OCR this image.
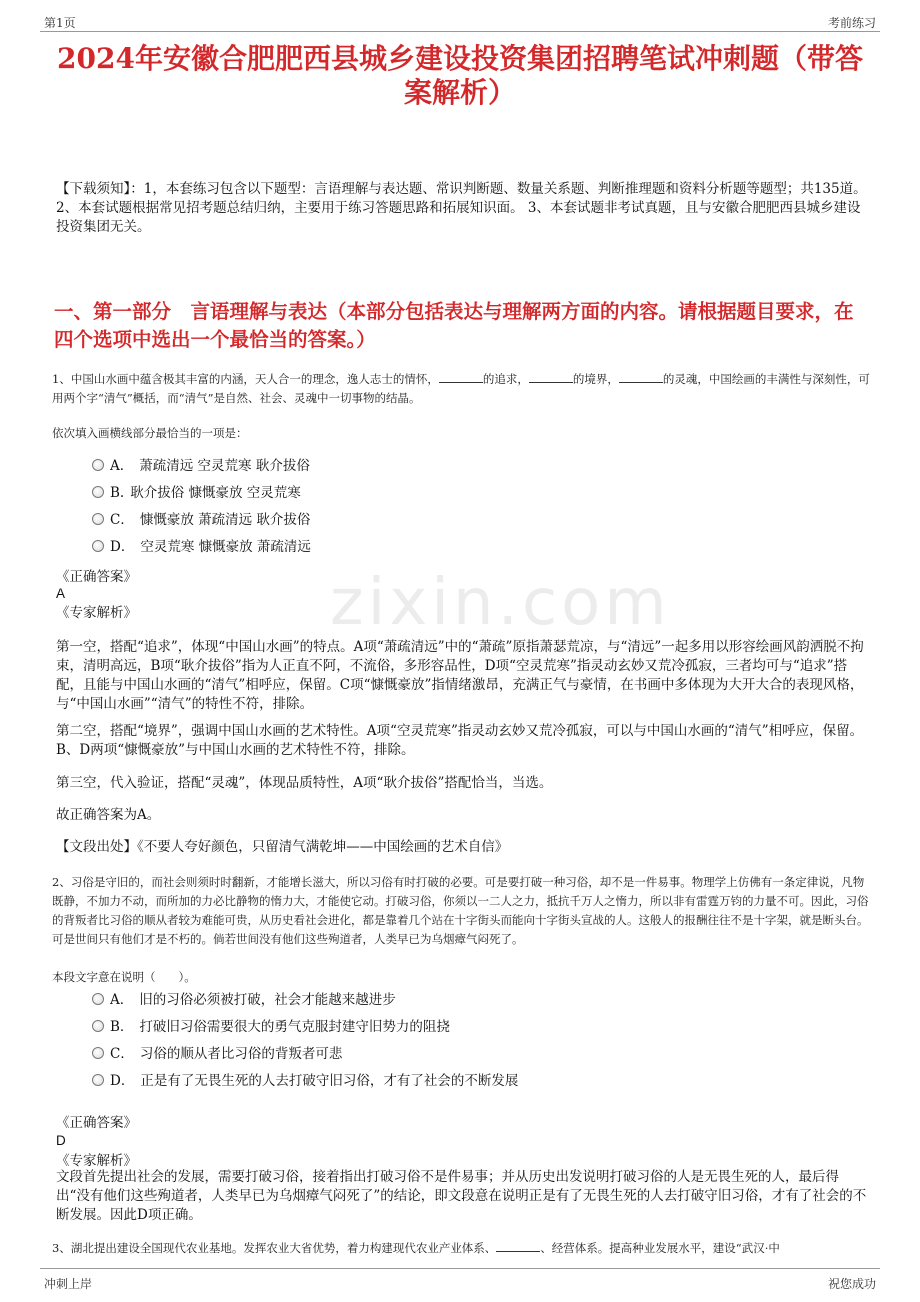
第1页	考前练习
zixin.com
2024年安徽合肥肥西县城乡建设投资集团招聘笔试冲刺题（带答案解析）

【下载须知】：1，本套练习包含以下题型：言语理解与表达题、常识判断题、数量关系题、判断推理题和资料分析题等题型；共135道。 2、本套试题根据常见招考题总结归纳，主要用于练习答题思路和拓展知识面。 3、本套试题非考试真题，且与安徽合肥肥西县城乡建设投资集团无关。

一、第一部分　言语理解与表达（本部分包括表达与理解两方面的内容。请根据题目要求，在四个选项中选出一个最恰当的答案。）

1、中国山水画中蕴含极其丰富的内涵，天人合一的理念，逸人志士的情怀，	的追求，	的境界，	的灵魂，中国绘画的丰满性与深刻性，可用两个字“清气”概括，而“清气”是自然、社会、灵魂中一切事物的结晶。

依次填入画横线部分最恰当的一项是：

A． 萧疏清远 空灵荒寒 耿介拔俗
B. 耿介拔俗 慷慨豪放 空灵荒寒
C． 慷慨豪放 萧疏清远 耿介拔俗
D． 空灵荒寒 慷慨豪放 萧疏清远
《正确答案》
A
《专家解析》

第一空，搭配“追求”，体现“中国山水画”的特点。A项“萧疏清远”中的“萧疏”原指萧瑟荒凉，与“清远”一起多用以形容绘画风韵洒脱不拘束，清明高远，B项“耿介拔俗”指为人正直不阿，不流俗，多形容品性，D项“空灵荒寒”指灵动玄妙又荒冷孤寂，三者均可与“追求”搭配，且能与中国山水画的“清气”相呼应，保留。C项“慷慨豪放”指情绪激昂，充满正气与豪情，在书画中多体现为大开大合的表现风格，与“中国山水画”“清气”的特性不符，排除。

第二空，搭配“境界”，强调中国山水画的艺术特性。A项“空灵荒寒”指灵动玄妙又荒冷孤寂，可以与中国山水画的“清气”相呼应，保留。B、D两项“慷慨豪放”与中国山水画的艺术特性不符，排除。

第三空，代入验证，搭配“灵魂”，体现品质特性，A项“耿介拔俗”搭配恰当，当选。

故正确答案为A。

【文段出处】《不要人夸好颜色，只留清气满乾坤——中国绘画的艺术自信》

2、习俗是守旧的，而社会则须时时翻新，才能增长滋大，所以习俗有时打破的必要。可是要打破一种习俗，却不是一件易事。物理学上仿佛有一条定律说，凡物既静，不加力不动，而所加的力必比静物的惰力大，才能使它动。打破习俗，你须以一二人之力，抵抗千万人之惰力，所以非有雷霆万钧的力量不可。因此，习俗的背叛者比习俗的顺从者较为难能可贵，从历史看社会进化，都是靠着几个站在十字街头而能向十字街头宣战的人。这般人的报酬往往不是十字架，就是断头台。可是世间只有他们才是不朽的。倘若世间没有他们这些殉道者，人类早已为乌烟瘴气闷死了。

本段文字意在说明（　　）。

A． 旧的习俗必须被打破，社会才能越来越进步
B． 打破旧习俗需要很大的勇气克服封建守旧势力的阻挠
C． 习俗的顺从者比习俗的背叛者可悲
D． 正是有了无畏生死的人去打破守旧习俗，才有了社会的不断发展
《正确答案》
D
《专家解析》

文段首先提出社会的发展，需要打破习俗，接着指出打破习俗不是件易事；并从历史出发说明打破习俗的人是无畏生死的人，最后得出“没有他们这些殉道者，人类早已为乌烟瘴气闷死了”的结论，即文段意在说明正是有了无畏生死的人去打破守旧习俗，才有了社会的不断发展。因此D项正确。

3、湖北提出建设全国现代农业基地。发挥农业大省优势，着力构建现代农业产业体系、	、经营体系。提高种业发展水平，建设“武汉·中

冲刺上岸	祝您成功
